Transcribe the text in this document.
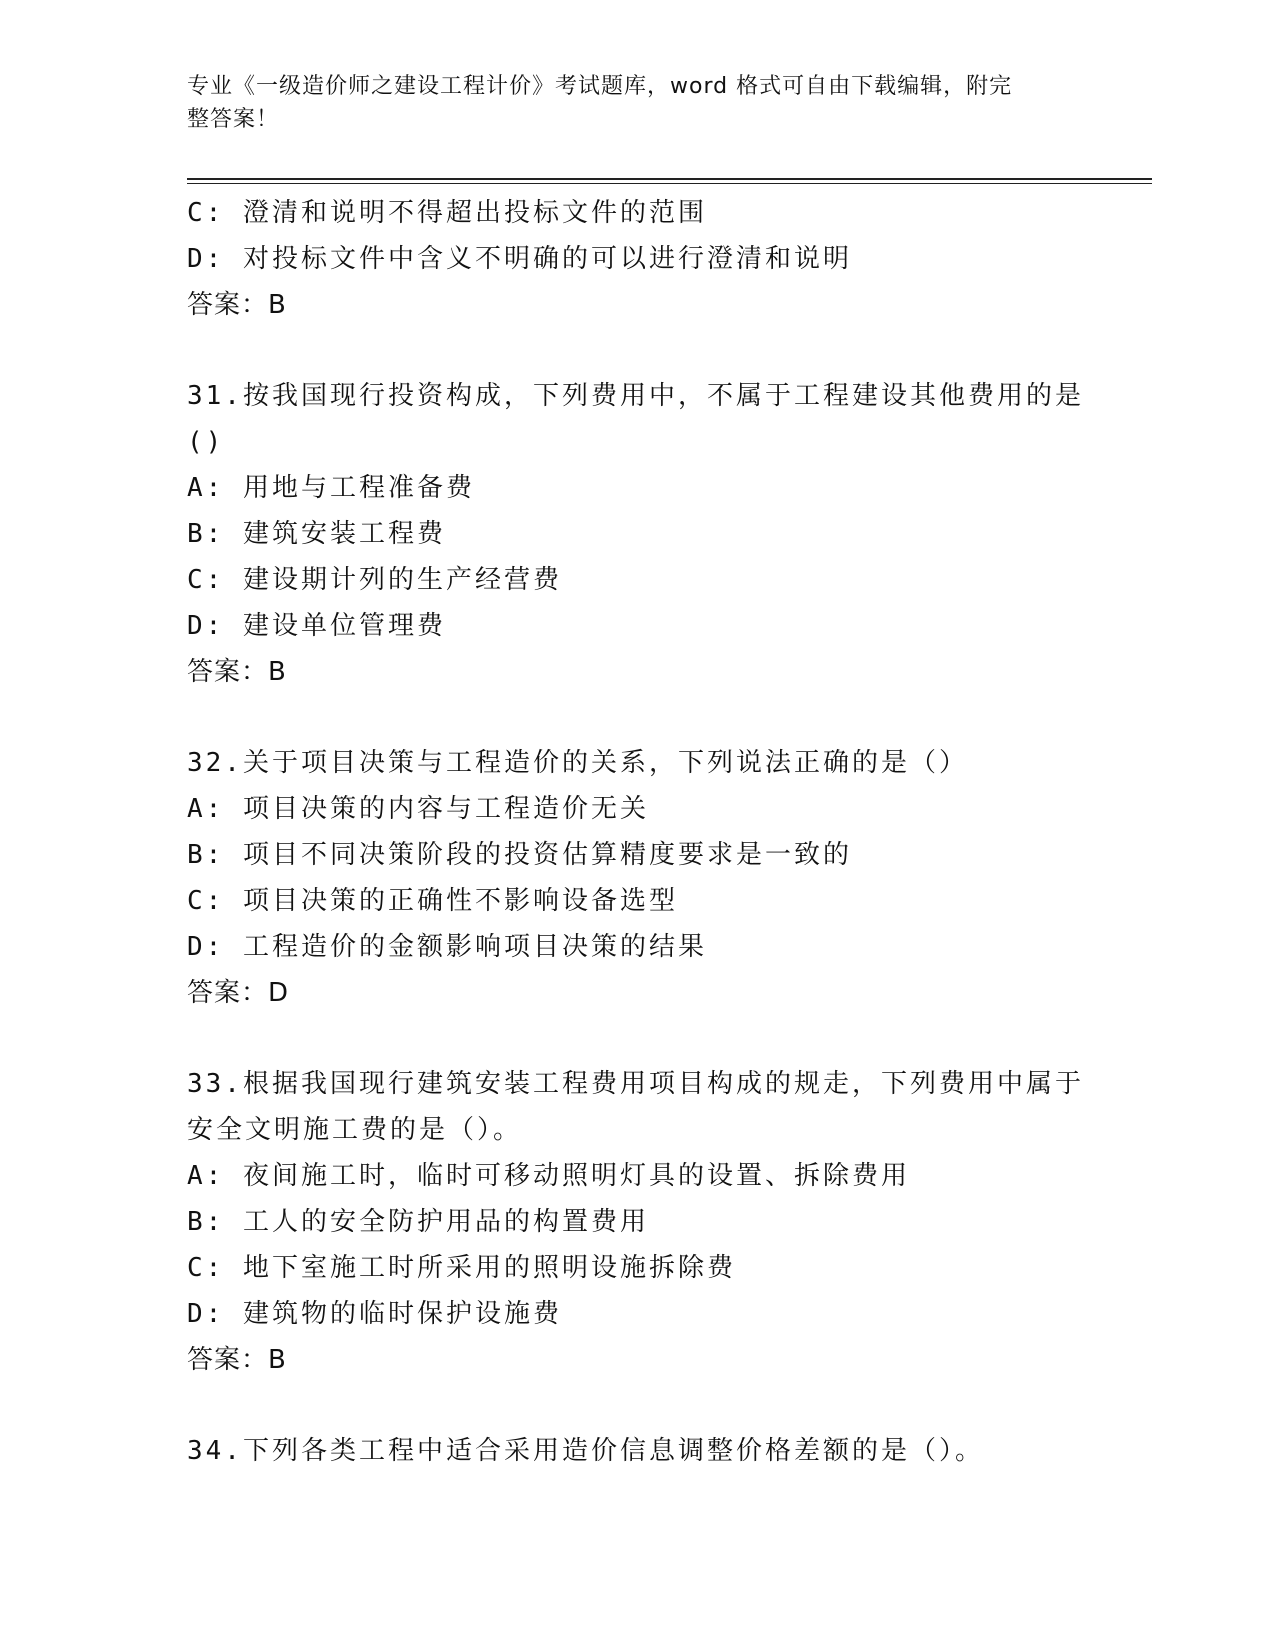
专业《一级造价师之建设工程计价》考试题库，word 格式可自由下载编辑，附完
整答案！
C: 澄清和说明不得超出投标文件的范围
D: 对投标文件中含义不明确的可以进行澄清和说明
答案：B
31.按我国现行投资构成，下列费用中，不属于工程建设其他费用的是
()
A: 用地与工程准备费
B: 建筑安装工程费
C: 建设期计列的生产经营费
D: 建设单位管理费
答案：B
32.关于项目决策与工程造价的关系，下列说法正确的是（）
A: 项目决策的内容与工程造价无关
B: 项目不同决策阶段的投资估算精度要求是一致的
C: 项目决策的正确性不影响设备选型
D: 工程造价的金额影响项目决策的结果
答案：D
33.根据我国现行建筑安装工程费用项目构成的规走，下列费用中属于
安全文明施工费的是（）。
A: 夜间施工时，临时可移动照明灯具的设置、拆除费用
B: 工人的安全防护用品的构置费用
C: 地下室施工时所采用的照明设施拆除费
D: 建筑物的临时保护设施费
答案：B
34.下列各类工程中适合采用造价信息调整价格差额的是（）。
